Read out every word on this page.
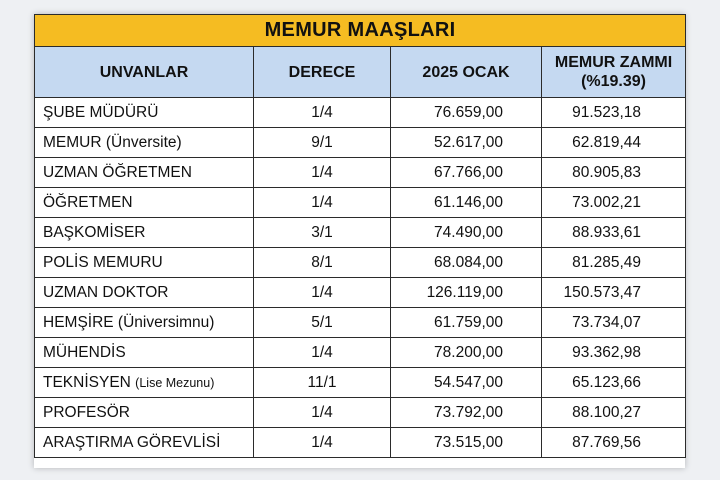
MEMUR MAAŞLARI			
UNVANLAR	DERECE	2025 OCAK	MEMUR ZAMMI
(%19.39)

ŞUBE MÜDÜRÜ	1/4	76.659,00	91.523,18
MEMUR (Ünversite)	9/1	52.617,00	62.819,44
UZMAN ÖĞRETMEN	1/4	67.766,00	80.905,83
ÖĞRETMEN	1/4	61.146,00	73.002,21
BAŞKOMİSER	3/1	74.490,00	88.933,61
POLİS MEMURU	8/1	68.084,00	81.285,49
UZMAN DOKTOR	1/4	126.119,00	150.573,47
HEMŞİRE (Üniversimnu)	5/1	61.759,00	73.734,07
MÜHENDİS	1/4	78.200,00	93.362,98
TEKNİSYEN (Lise Mezunu)	11/1	54.547,00	65.123,66
PROFESÖR	1/4	73.792,00	88.100,27
ARAŞTIRMA GÖREVLİSİ	1/4	73.515,00	87.769,56
